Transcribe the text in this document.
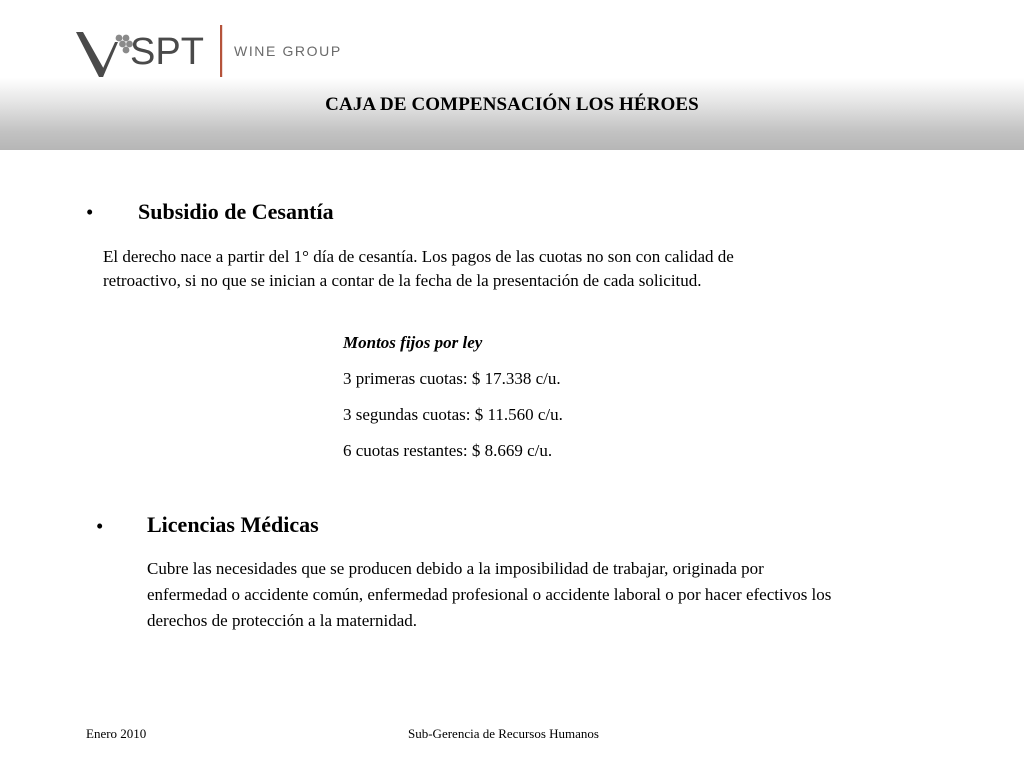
SPT WINE GROUP
CAJA DE COMPENSACIÓN LOS HÉROES
• Subsidio de Cesantía
El derecho nace a partir del 1° día de cesantía. Los pagos de las cuotas no son con calidad de
retroactivo, si no que se inician a contar de la fecha de la presentación de cada solicitud.
Montos fijos por ley
3 primeras cuotas: $ 17.338 c/u.
3 segundas cuotas: $ 11.560 c/u.
6 cuotas restantes: $ 8.669 c/u.
• Licencias Médicas
Cubre las necesidades que se producen debido a la imposibilidad de trabajar, originada por
enfermedad o accidente común, enfermedad profesional o accidente laboral o por hacer efectivos los
derechos de protección a la maternidad.
Enero 2010	Sub-Gerencia de Recursos Humanos
